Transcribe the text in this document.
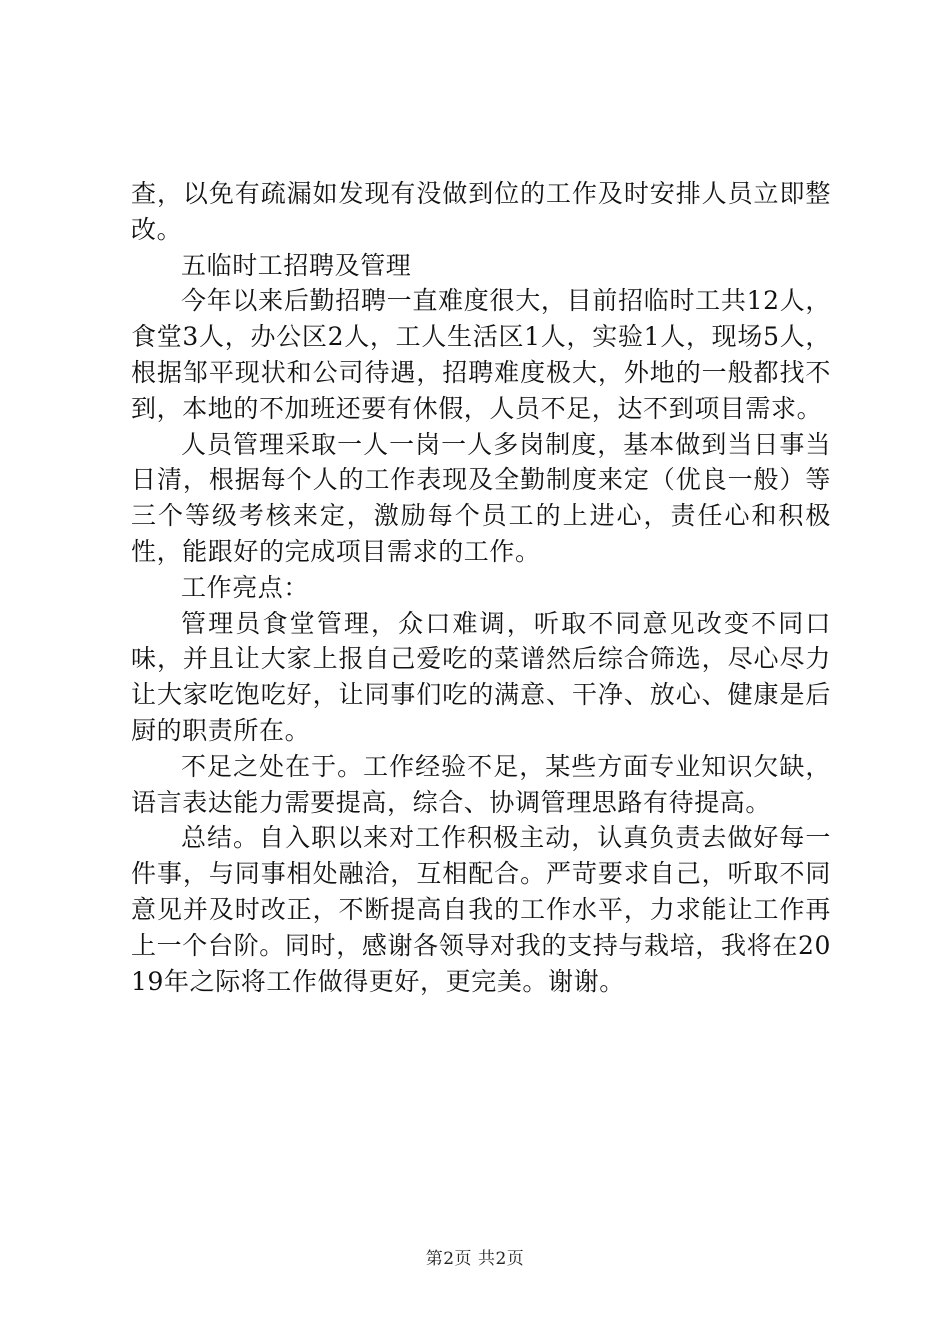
查，以免有疏漏如发现有没做到位的工作及时安排人员立即整改。

五临时工招聘及管理

今年以来后勤招聘一直难度很大，目前招临时工共12人，食堂3人，办公区2人，工人生活区1人，实验1人，现场5人，根据邹平现状和公司待遇，招聘难度极大，外地的一般都找不到，本地的不加班还要有休假，人员不足，达不到项目需求。

人员管理采取一人一岗一人多岗制度，基本做到当日事当日清，根据每个人的工作表现及全勤制度来定（优良一般）等三个等级考核来定，激励每个员工的上进心，责任心和积极性，能跟好的完成项目需求的工作。

工作亮点：

管理员食堂管理，众口难调，听取不同意见改变不同口味，并且让大家上报自己爱吃的菜谱然后综合筛选，尽心尽力让大家吃饱吃好，让同事们吃的满意、干净、放心、健康是后厨的职责所在。

不足之处在于。工作经验不足，某些方面专业知识欠缺，语言表达能力需要提高，综合、协调管理思路有待提高。

总结。自入职以来对工作积极主动，认真负责去做好每一件事，与同事相处融洽，互相配合。严苛要求自己，听取不同意见并及时改正，不断提高自我的工作水平，力求能让工作再上一个台阶。同时，感谢各领导对我的支持与栽培，我将在2019年之际将工作做得更好，更完美。谢谢。

第2页 共2页
